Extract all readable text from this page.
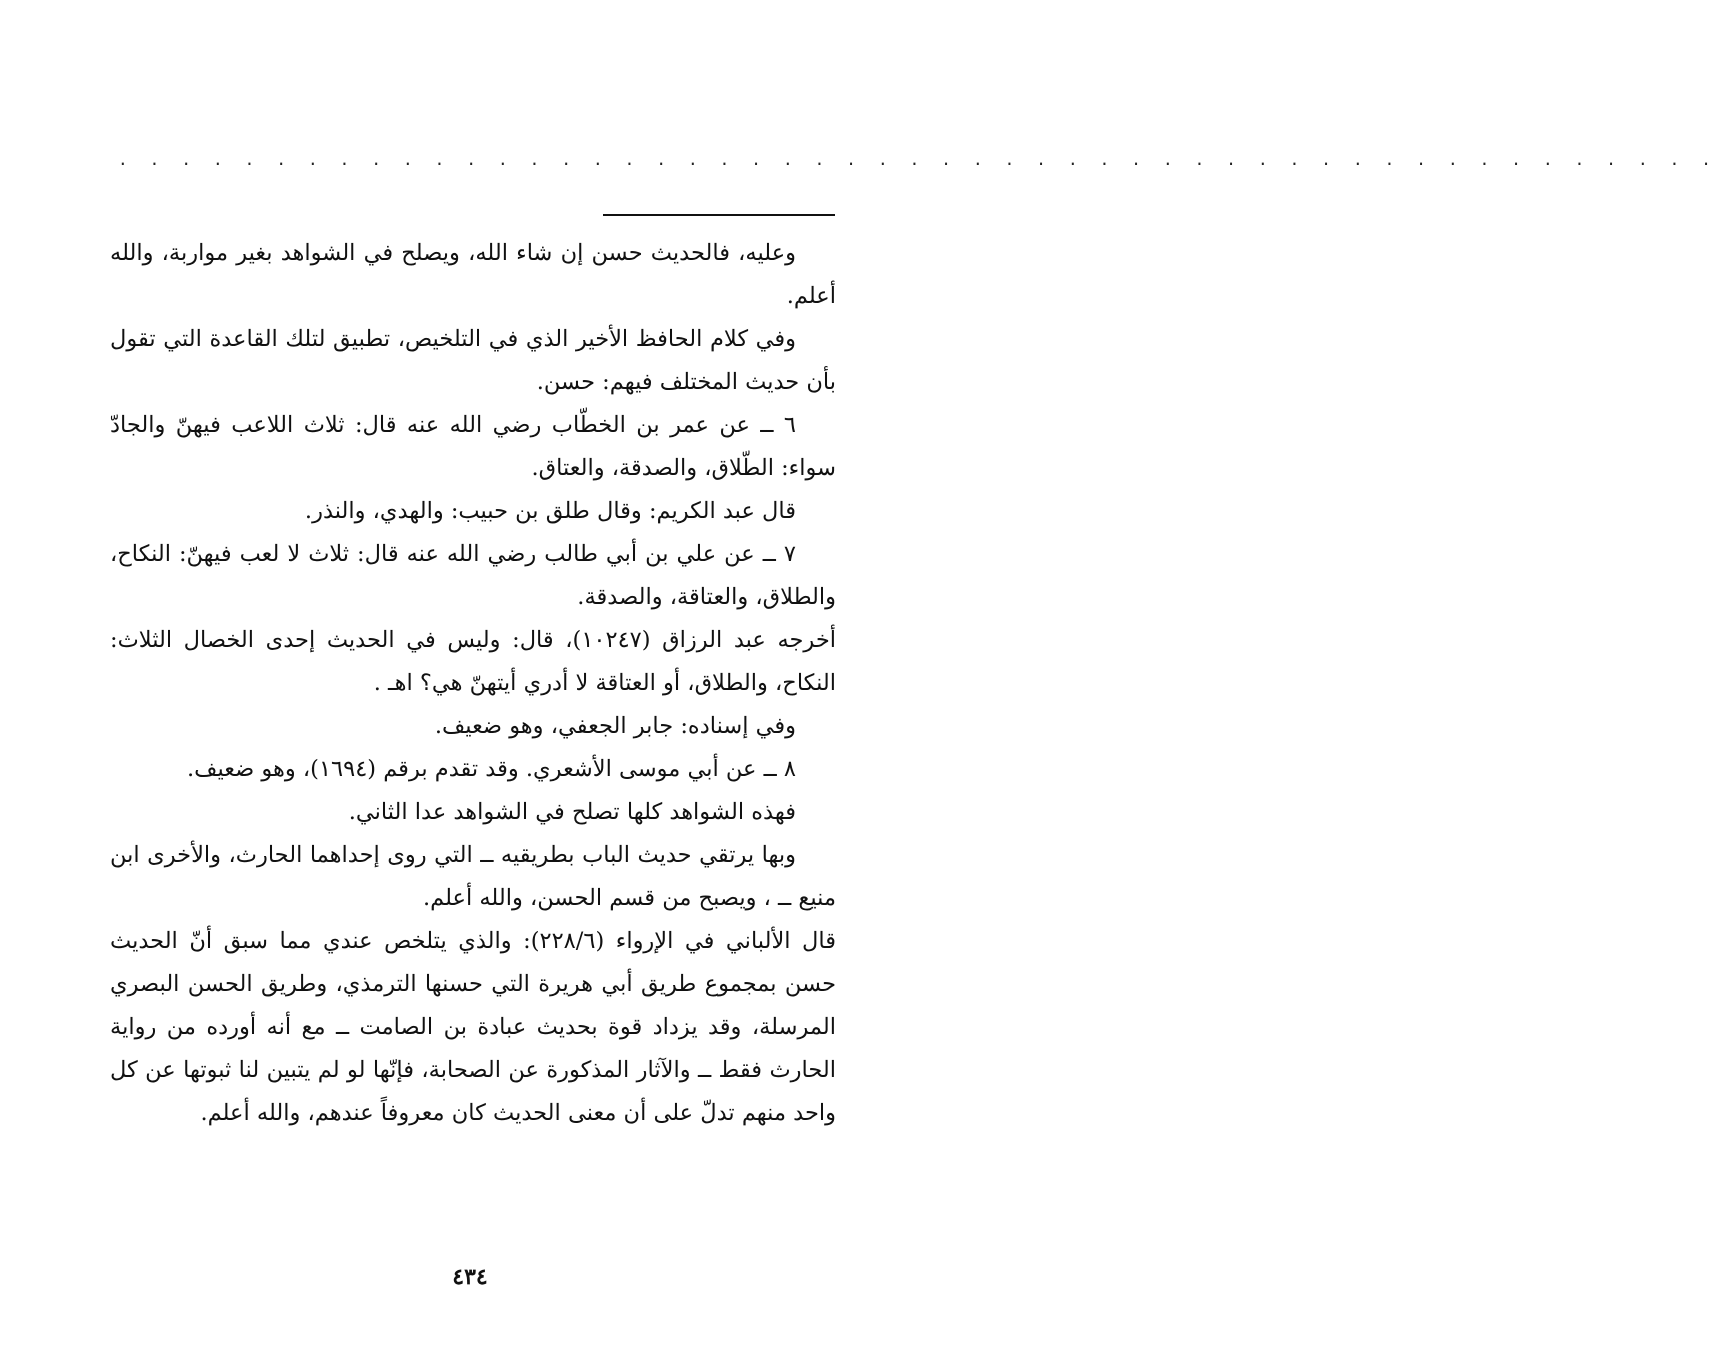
. . . . . . . . . . . . . . . . . . . . . . . . . . . . . . . . . . . . . . . . . . . . . . . . . . .

وعليه، فالحديث حسن إن شاء الله، ويصلح في الشواهد بغير مواربة، والله أعلم.

وفي كلام الحافظ الأخير الذي في التلخيص، تطبيق لتلك القاعدة التي تقول بأن حديث المختلف فيهم: حسن.

٦ ــ عن عمر بن الخطّاب رضي الله عنه قال: ثلاث اللاعب فيهنّ والجادّ سواء: الطّلاق، والصدقة، والعتاق.

قال عبد الكريم: وقال طلق بن حبيب: والهدي، والنذر.

٧ ــ عن علي بن أبي طالب رضي الله عنه قال: ثلاث لا لعب فيهنّ: النكاح، والطلاق، والعتاقة، والصدقة.

أخرجه عبد الرزاق (١٠٢٤٧)، قال: وليس في الحديث إحدى الخصال الثلاث: النكاح، والطلاق، أو العتاقة لا أدري أيتهنّ هي؟ اهـ .

وفي إسناده: جابر الجعفي، وهو ضعيف.

٨ ــ عن أبي موسى الأشعري. وقد تقدم برقم (١٦٩٤)، وهو ضعيف.

فهذه الشواهد كلها تصلح في الشواهد عدا الثاني.

وبها يرتقي حديث الباب بطريقيه ــ التي روى إحداهما الحارث، والأخرى ابن منيع ــ ، ويصبح من قسم الحسن، والله أعلم.

قال الألباني في الإرواء (٢٢٨/٦): والذي يتلخص عندي مما سبق أنّ الحديث حسن بمجموع طريق أبي هريرة التي حسنها الترمذي، وطريق الحسن البصري المرسلة، وقد يزداد قوة بحديث عبادة بن الصامت ــ مع أنه أورده من رواية الحارث فقط ــ والآثار المذكورة عن الصحابة، فإنّها لو لم يتبين لنا ثبوتها عن كل واحد منهم تدلّ على أن معنى الحديث كان معروفاً عندهم، والله أعلم.

٤٣٤
